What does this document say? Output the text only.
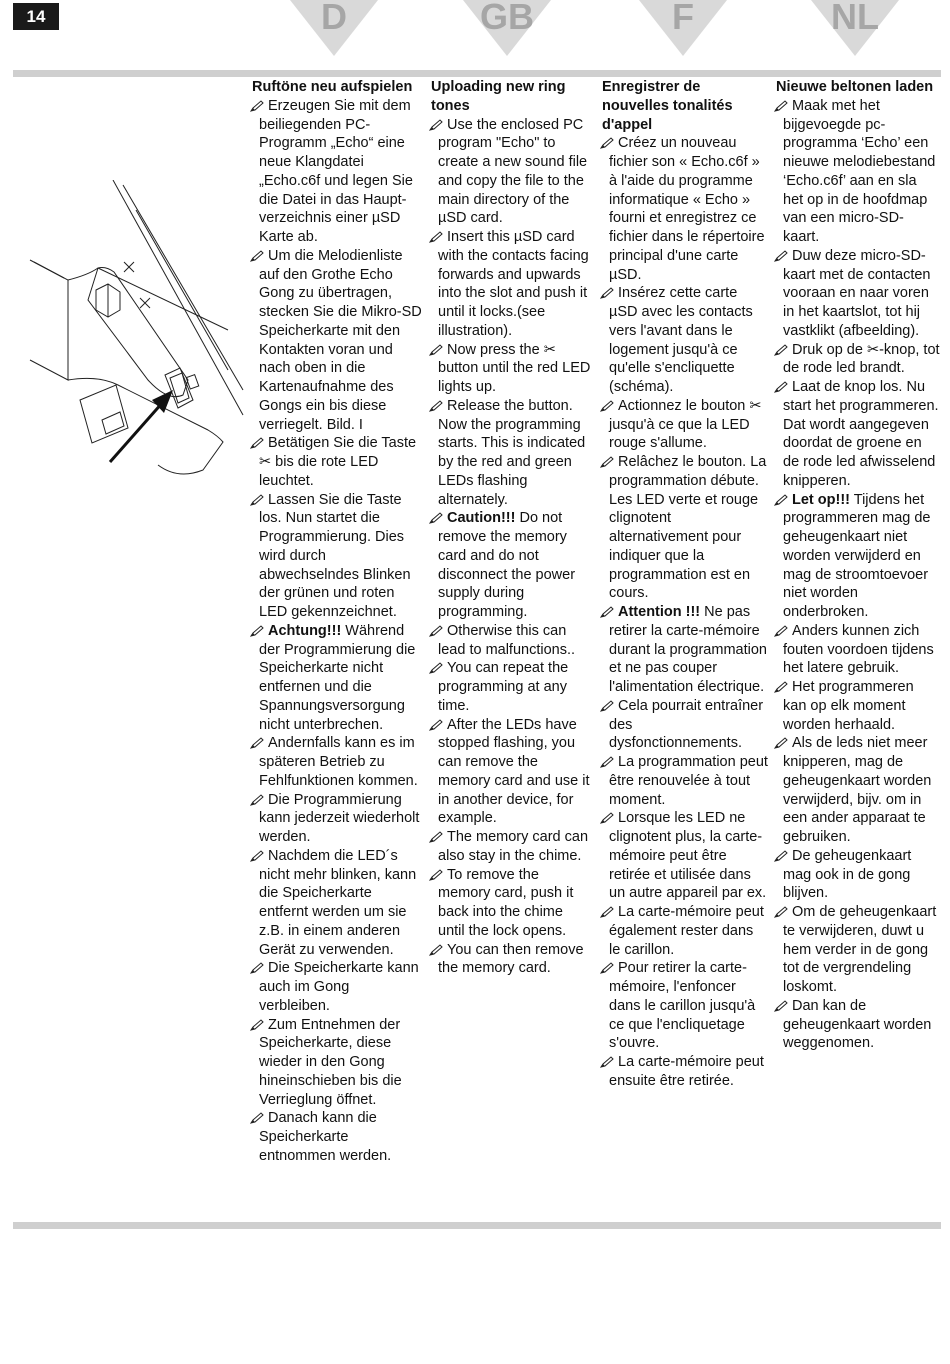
14	D	GB	F	NL
Ruftöne neu aufspielen

Erzeugen Sie mit dem beiliegenden PC-Programm „Echo“ eine neue Klangdatei „Echo.c6f und legen Sie die Datei in das Haupt-verzeichnis einer µSD Karte ab.

Um die Melodienliste auf den Grothe Echo Gong zu übertragen, stecken Sie die Mikro-SD Speicherkarte mit den Kontakten voran und nach oben in die Kartenaufnahme des Gongs ein bis diese verriegelt. Bild. I

Betätigen Sie die Taste ✂ bis die rote LED leuchtet.

Lassen Sie die Taste los. Nun startet die Programmierung. Dies wird durch abwechselndes Blinken der grünen und roten LED gekennzeichnet.

Achtung!!! Während der Programmierung die Speicherkarte nicht entfernen und die Spannungsversorgung nicht unterbrechen.

Andernfalls kann es im späteren Betrieb zu Fehlfunktionen kommen.

Die Programmierung kann jederzeit wiederholt werden.

Nachdem die LED´s nicht mehr blinken, kann die Speicherkarte entfernt werden um sie z.B. in einem anderen Gerät zu verwenden.

Die Speicherkarte kann auch im Gong verbleiben.

Zum Entnehmen der Speicherkarte, diese wieder in den Gong hineinschieben bis die Verrieglung öffnet.

Danach kann die Speicherkarte entnommen werden.

Uploading new ring tones

Use the enclosed PC program "Echo" to create a new sound file and copy the file to the main directory of the µSD card.

Insert this µSD card with the contacts facing forwards and upwards into the slot and push it until it locks.(see illustration).

Now press the ✂ button until the red LED lights up.

Release the button. Now the programming starts. This is indicated by the red and green LEDs flashing alternately.

Caution!!! Do not remove the memory card and do not disconnect the power supply during programming.

Otherwise this can lead to malfunctions..

You can repeat the programming at any time.

After the LEDs have stopped flashing, you can remove the memory card and use it in another device, for example.

The memory card can also stay in the chime.

To remove the memory card, push it back into the chime until the lock opens.

You can then remove the memory card.

Enregistrer de nouvelles tonalités d'appel

Créez un nouveau fichier son « Echo.c6f » à l'aide du programme informatique « Echo » fourni et enregistrez ce fichier dans le répertoire principal d'une carte µSD.

Insérez cette carte µSD avec les contacts vers l'avant dans le logement jusqu'à ce qu'elle s'encliquette (schéma).

Actionnez le bouton ✂ jusqu'à ce que la LED rouge s'allume.

Relâchez le bouton. La programmation débute. Les LED verte et rouge clignotent alternativement pour indiquer que la programmation est en cours.

Attention !!! Ne pas retirer la carte-mémoire durant la programmation et ne pas couper l'alimentation électrique.

Cela pourrait entraîner des dysfonctionnements.

La programmation peut être renouvelée à tout moment.

Lorsque les LED ne clignotent plus, la carte-mémoire peut être retirée et utilisée dans un autre appareil par ex.

La carte-mémoire peut également rester dans le carillon.

Pour retirer la carte-mémoire, l'enfoncer dans le carillon jusqu'à ce que l'encliquetage s'ouvre.

La carte-mémoire peut ensuite être retirée.

Nieuwe beltonen laden

Maak met het bijgevoegde pc-programma ‘Echo’ een nieuwe melodiebestand ‘Echo.c6f’ aan en sla het op in de hoofdmap van een micro-SD-kaart.

Duw deze micro-SD-kaart met de contacten vooraan en naar voren in het kaartslot, tot hij vastklikt (afbeelding).

Druk op de ✂-knop, tot de rode led brandt.

Laat de knop los. Nu start het programmeren. Dat wordt aangegeven doordat de groene en de rode led afwisselend knipperen.

Let op!!! Tijdens het programmeren mag de geheugenkaart niet worden verwijderd en mag de stroomtoevoer niet worden onderbroken.

Anders kunnen zich fouten voordoen tijdens het latere gebruik.

Het programmeren kan op elk moment worden herhaald.

Als de leds niet meer knipperen, mag de geheugenkaart worden verwijderd, bijv. om in een ander apparaat te gebruiken.

De geheugenkaart mag ook in de gong blijven.

Om de geheugenkaart te verwijderen, duwt u hem verder in de gong tot de vergrendeling loskomt.

Dan kan de geheugenkaart worden weggenomen.
